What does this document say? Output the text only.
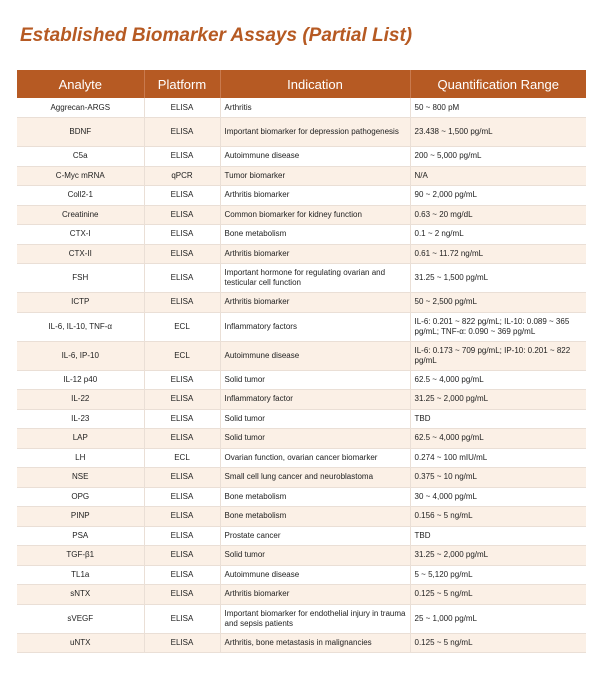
Established Biomarker Assays (Partial List)
Analyte	Platform	Indication	Quantification Range
Aggrecan-ARGS	ELISA	Arthritis	50 ~ 800 pM
BDNF	ELISA	Important biomarker for depression pathogenesis	23.438 ~ 1,500 pg/mL
C5a	ELISA	Autoimmune disease	200 ~ 5,000 pg/mL
C-Myc mRNA	qPCR	Tumor biomarker	N/A
Coll2-1	ELISA	Arthritis biomarker	90 ~ 2,000 pg/mL
Creatinine	ELISA	Common biomarker for kidney function	0.63 ~ 20 mg/dL
CTX-I	ELISA	Bone metabolism	0.1 ~ 2 ng/mL
CTX-II	ELISA	Arthritis biomarker	0.61 ~ 11.72 ng/mL
FSH	ELISA	Important hormone for regulating ovarian and testicular cell function	31.25 ~ 1,500 pg/mL
ICTP	ELISA	Arthritis biomarker	50 ~ 2,500 pg/mL
IL-6, IL-10, TNF-α	ECL	Inflammatory factors	IL-6: 0.201 ~ 822 pg/mL; IL-10: 0.089 ~ 365 pg/mL; TNF-α: 0.090 ~ 369 pg/mL
IL-6, IP-10	ECL	Autoimmune disease	IL-6: 0.173 ~ 709 pg/mL; IP-10: 0.201 ~ 822 pg/mL
IL-12 p40	ELISA	Solid tumor	62.5 ~ 4,000 pg/mL
IL-22	ELISA	Inflammatory factor	31.25 ~ 2,000 pg/mL
IL-23	ELISA	Solid tumor	TBD
LAP	ELISA	Solid tumor	62.5 ~ 4,000 pg/mL
LH	ECL	Ovarian function, ovarian cancer biomarker	0.274 ~ 100 mIU/mL
NSE	ELISA	Small cell lung cancer and neuroblastoma	0.375 ~ 10 ng/mL
OPG	ELISA	Bone metabolism	30 ~ 4,000 pg/mL
PINP	ELISA	Bone metabolism	0.156 ~ 5 ng/mL
PSA	ELISA	Prostate cancer	TBD
TGF-β1	ELISA	Solid tumor	31.25 ~ 2,000 pg/mL
TL1a	ELISA	Autoimmune disease	5 ~ 5,120 pg/mL
sNTX	ELISA	Arthritis biomarker	0.125 ~ 5 ng/mL
sVEGF	ELISA	Important biomarker for endothelial injury in trauma and sepsis patients	25 ~ 1,000 pg/mL
uNTX	ELISA	Arthritis, bone metastasis in malignancies	0.125 ~ 5 ng/mL
